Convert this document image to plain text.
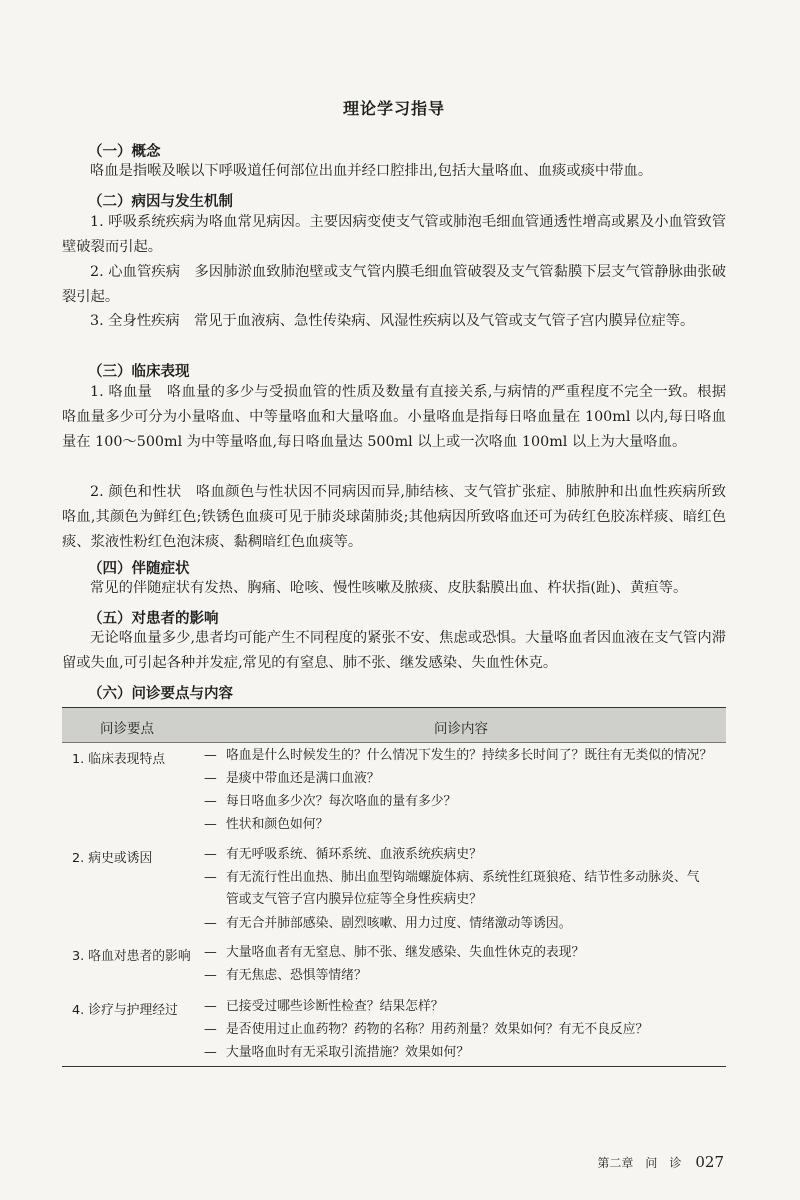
理论学习指导
（一）概念
咯血是指喉及喉以下呼吸道任何部位出血并经口腔排出,包括大量咯血、血痰或痰中带血。
（二）病因与发生机制
1. 呼吸系统疾病为咯血常见病因。主要因病变使支气管或肺泡毛细血管通透性增高或累及小血管致管壁破裂而引起。
2. 心血管疾病　多因肺淤血致肺泡壁或支气管内膜毛细血管破裂及支气管黏膜下层支气管静脉曲张破裂引起。
3. 全身性疾病　常见于血液病、急性传染病、风湿性疾病以及气管或支气管子宫内膜异位症等。
（三）临床表现
1. 咯血量　咯血量的多少与受损血管的性质及数量有直接关系,与病情的严重程度不完全一致。根据咯血量多少可分为小量咯血、中等量咯血和大量咯血。小量咯血是指每日咯血量在 100ml 以内,每日咯血量在 100～500ml 为中等量咯血,每日咯血量达 500ml 以上或一次咯血 100ml 以上为大量咯血。
2. 颜色和性状　咯血颜色与性状因不同病因而异,肺结核、支气管扩张症、肺脓肿和出血性疾病所致咯血,其颜色为鲜红色;铁锈色血痰可见于肺炎球菌肺炎;其他病因所致咯血还可为砖红色胶冻样痰、暗红色痰、浆液性粉红色泡沫痰、黏稠暗红色血痰等。
（四）伴随症状
常见的伴随症状有发热、胸痛、呛咳、慢性咳嗽及脓痰、皮肤黏膜出血、杵状指(趾)、黄疸等。
（五）对患者的影响
无论咯血量多少,患者均可能产生不同程度的紧张不安、焦虑或恐惧。大量咯血者因血液在支气管内滞留或失血,可引起各种并发症,常见的有窒息、肺不张、继发感染、失血性休克。
（六）问诊要点与内容
问诊要点	问诊内容
1. 临床表现特点	— 咯血是什么时候发生的？什么情况下发生的？持续多长时间了？既往有无类似的情况？
— 是痰中带血还是满口血液？
— 每日咯血多少次？每次咯血的量有多少？
— 性状和颜色如何？
2. 病史或诱因	— 有无呼吸系统、循环系统、血液系统疾病史？
— 有无流行性出血热、肺出血型钩端螺旋体病、系统性红斑狼疮、结节性多动脉炎、气管或支气管子宫内膜异位症等全身性疾病史？
— 有无合并肺部感染、剧烈咳嗽、用力过度、情绪激动等诱因。
3. 咯血对患者的影响 — 大量咯血者有无窒息、肺不张、继发感染、失血性休克的表现？
— 有无焦虑、恐惧等情绪？
4. 诊疗与护理经过 — 已接受过哪些诊断性检查？结果怎样？
— 是否使用过止血药物？药物的名称？用药剂量？效果如何？有无不良反应？
— 大量咯血时有无采取引流措施？效果如何？
第二章　问　诊 027
